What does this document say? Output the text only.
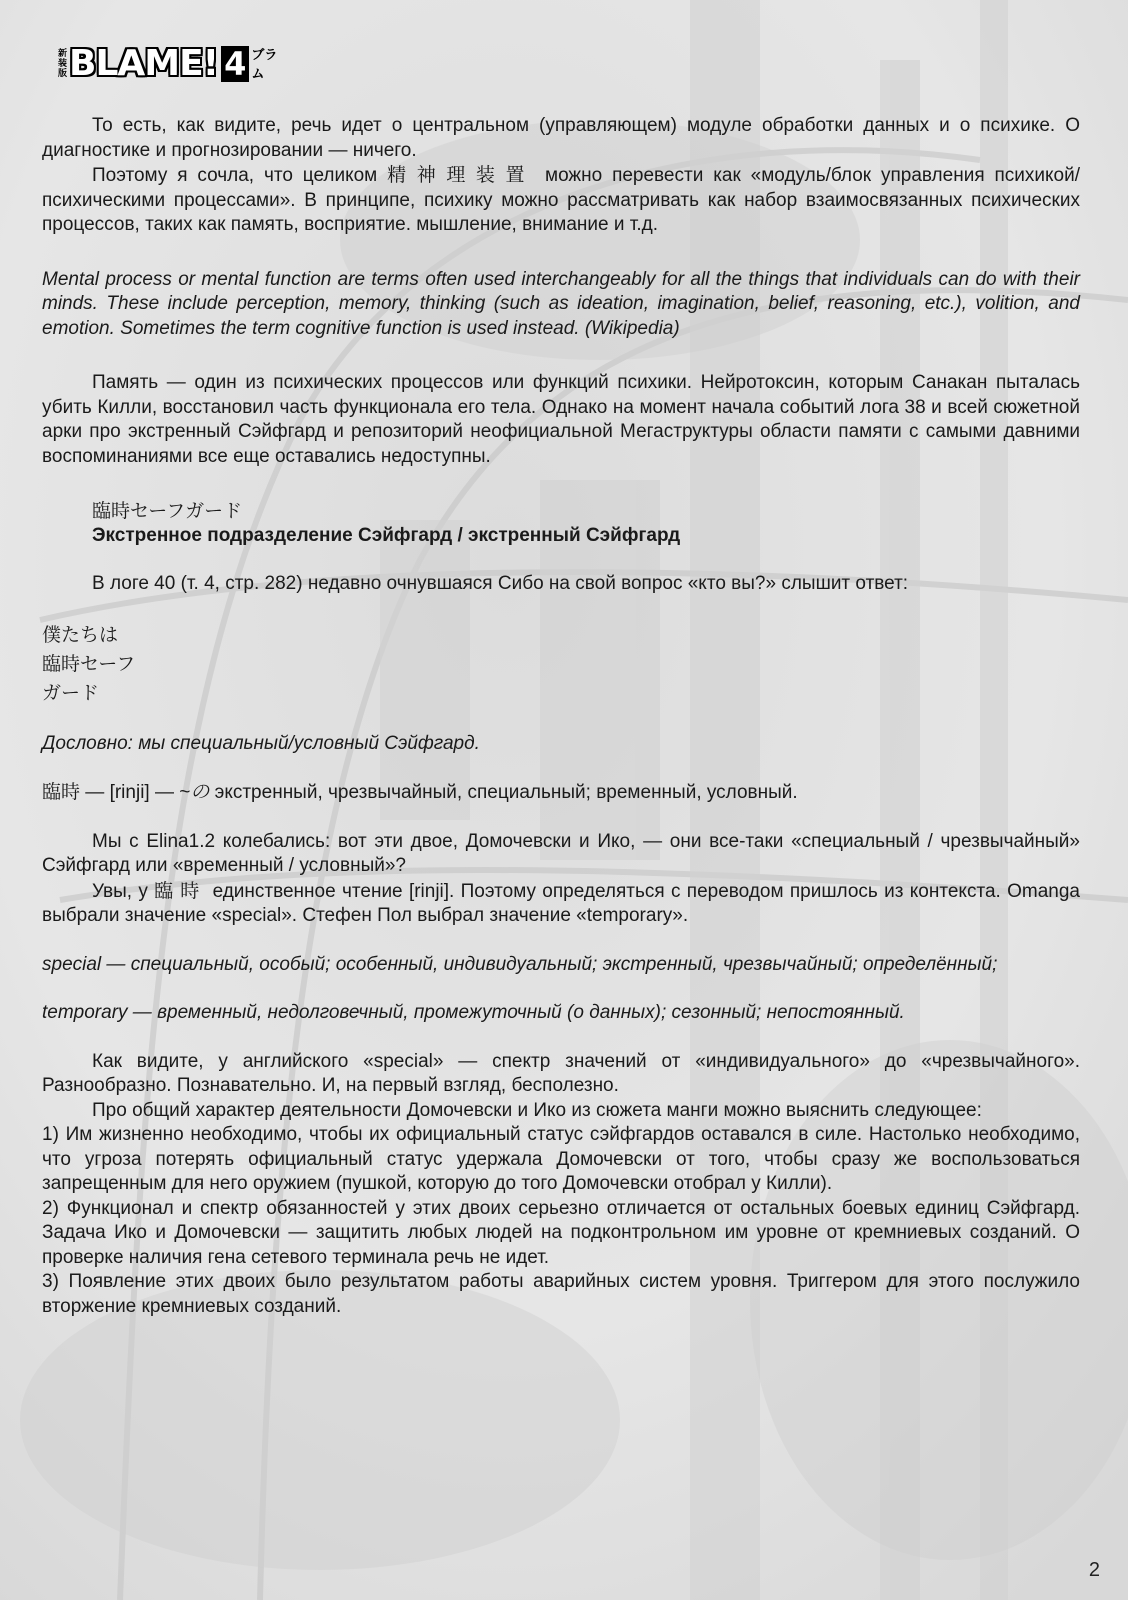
新
装
版 BLAME! 4 ブラム

То есть, как видите, речь идет о центральном (управляющем) модуле обработки данных и о психике. О диагностике и прогнозировании — ничего.

Поэтому я сочла, что целиком 精神理装置 можно перевести как «модуль/блок управления психикой/психическими процессами». В принципе, психику можно рассматривать как набор взаимосвязанных психических процессов, таких как память, восприятие. мышление, внимание и т.д.

Mental process or mental function are terms often used interchangeably for all the things that individuals can do with their minds. These include perception, memory, thinking (such as ideation, imagination, belief, reasoning, etc.), volition, and emotion. Sometimes the term cognitive function is used instead. (Wikipedia)

Память — один из психических процессов или функций психики. Нейротоксин, которым Санакан пыталась убить Килли, восстановил часть функционала его тела. Однако на момент начала событий лога 38 и всей сюжетной арки про экстренный Сэйфгард и репозиторий неофициальной Мегаструктуры области памяти с самыми давними воспоминаниями все еще оставались недоступны.

臨時セーフガード

Экстренное подразделение Сэйфгард / экстренный Сэйфгард

В логе 40 (т. 4, стр. 282) недавно очнувшаяся Сибо на свой вопрос «кто вы?» слышит ответ:

僕たちは
臨時セーフ
ガード

Дословно: мы специальный/условный Сэйфгард.

臨時 — [rinji] — ~の экстренный, чрезвычайный, специальный; временный, условный.

Мы с Elina1.2 колебались: вот эти двое, Домочевски и Ико, — они все-таки «специальный / чрезвычайный» Сэйфгард или «временный / условный»?

Увы, у 臨時 единственное чтение [rinji]. Поэтому определяться с переводом пришлось из контекста. Omanga выбрали значение «special». Стефен Пол выбрал значение «temporary».

special — специальный, особый; особенный, индивидуальный; экстренный, чрезвычайный; определённый;

temporary — временный, недолговечный, промежуточный (о данных); сезонный; непостоянный.

Как видите, у английского «special» — спектр значений от «индивидуального» до «чрезвычайного». Разнообразно. Познавательно. И, на первый взгляд, бесполезно.

Про общий характер деятельности Домочевски и Ико из сюжета манги можно выяснить следующее:

1) Им жизненно необходимо, чтобы их официальный статус сэйфгардов оставался в силе. Настолько необходимо, что угроза потерять официальный статус удержала Домочевски от того, чтобы сразу же воспользоваться запрещенным для него оружием (пушкой, которую до того Домочевски отобрал у Килли).

2) Функционал и спектр обязанностей у этих двоих серьезно отличается от остальных боевых единиц Сэйфгард. Задача Ико и Домочевски — защитить любых людей на подконтрольном им уровне от кремниевых созданий. О проверке наличия гена сетевого терминала речь не идет.

3) Появление этих двоих было результатом работы аварийных систем уровня. Триггером для этого послужило вторжение кремниевых созданий.

2
